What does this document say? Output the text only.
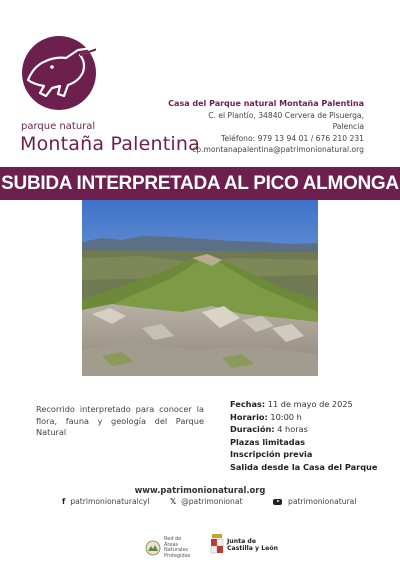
parque natural
Montaña Palentina
Casa del Parque natural Montaña Palentina
C. el Plantío, 34840 Cervera de Pisuerga,
Palencia
Teléfono: 979 13 94 01 / 676 210 231
cp.montanapalentina@patrimonionatural.org
SUBIDA INTERPRETADA AL PICO ALMONGA
Recorrido interpretado para conocer la flora, fauna y geología del Parque Natural
Fechas: 11 de mayo de 2025
Horario: 10:00 h
Duración: 4 horas
Plazas limitadas
Inscripción previa
Salida desde la Casa del Parque
www.patrimonionatural.org
f patrimonionaturalcyl	𝕏 @patrimonionat	patrimonionatural
Red de
Áreas
Naturales
Protegidas
Junta de
Castilla y León
